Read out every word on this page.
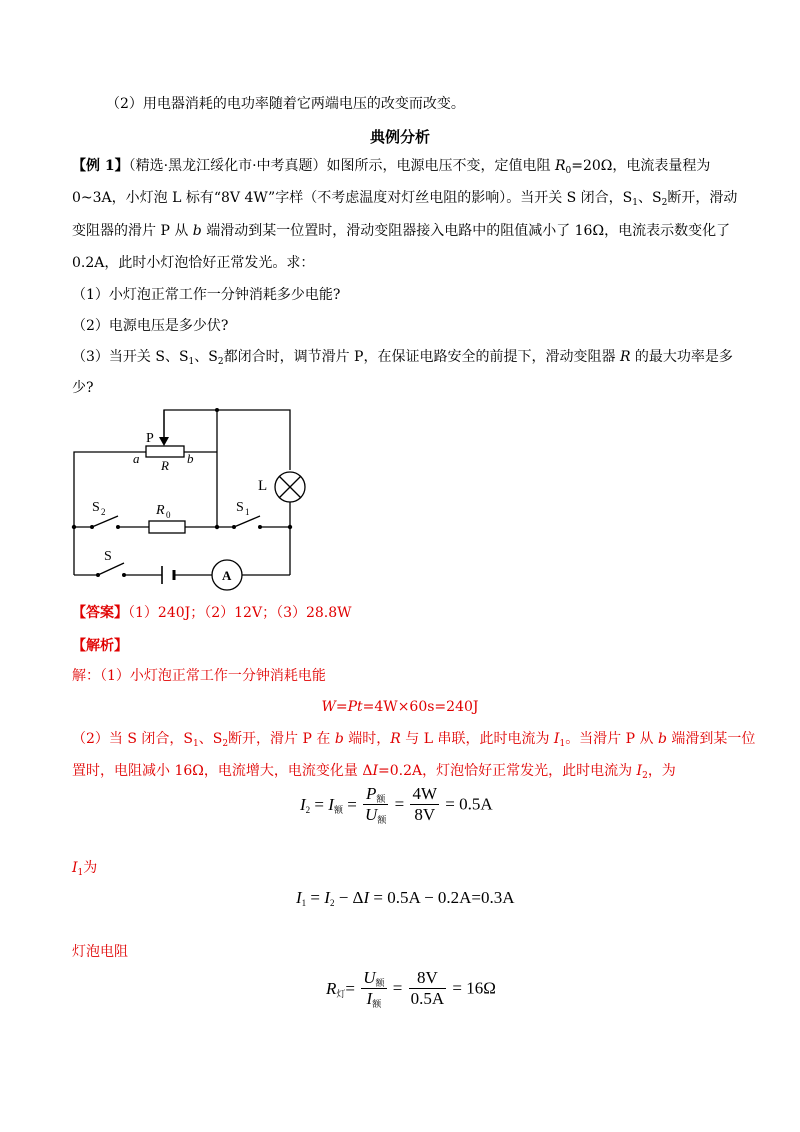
（2）用电器消耗的电功率随着它两端电压的改变而改变。
典例分析
【例 1】（精选·黑龙江绥化市·中考真题）如图所示，电源电压不变，定值电阻 $R_0=20\Omega$，电流表量程为
0~3A，小灯泡 L 标有“8V 4W”字样（不考虑温度对灯丝电阻的影响）。当开关 S 闭合，$S_1$、$S_2$断开，滑动
变阻器的滑片 P 从 b 端滑动到某一位置时，滑动变阻器接入电路中的阻值减小了 16Ω，电流表示数变化了
0.2A，此时小灯泡恰好正常发光。求：
（1）小灯泡正常工作一分钟消耗多少电能?
（2）电源电压是多少伏?
（3）当开关 S、$S_1$、$S_2$都闭合时，调节滑片 P，在保证电路安全的前提下，滑动变阻器 R 的最大功率是多
少?
P
a R b
L
S 2	R 0	S 1
S
A
【答案】（1）240J；（2）12V；（3）28.8W
【解析】
解：（1）小灯泡正常工作一分钟消耗电能
W=Pt=4W×60s=240J
（2）当 S 闭合，$S_1$、$S_2$断开，滑片 P 在 b 端时，R 与 L 串联，此时电流为 $I_1$。当滑片 P 从 b 端滑到某一位
置时，电阻减小 16Ω，电流增大，电流变化量 ΔI=0.2A，灯泡恰好正常发光，此时电流为 $I_2$，为
$I_2 = I_额 = \frac{P_额}{U_额} = \frac{4W}{8V} = 0.5A$
$I_1$为
$I_1 = I_2 - \Delta I = 0.5A - 0.2A=0.3A$
灯泡电阻
$R_灯= \frac{U_额}{I_额} = \frac{8V}{0.5A} = 16\Omega$
